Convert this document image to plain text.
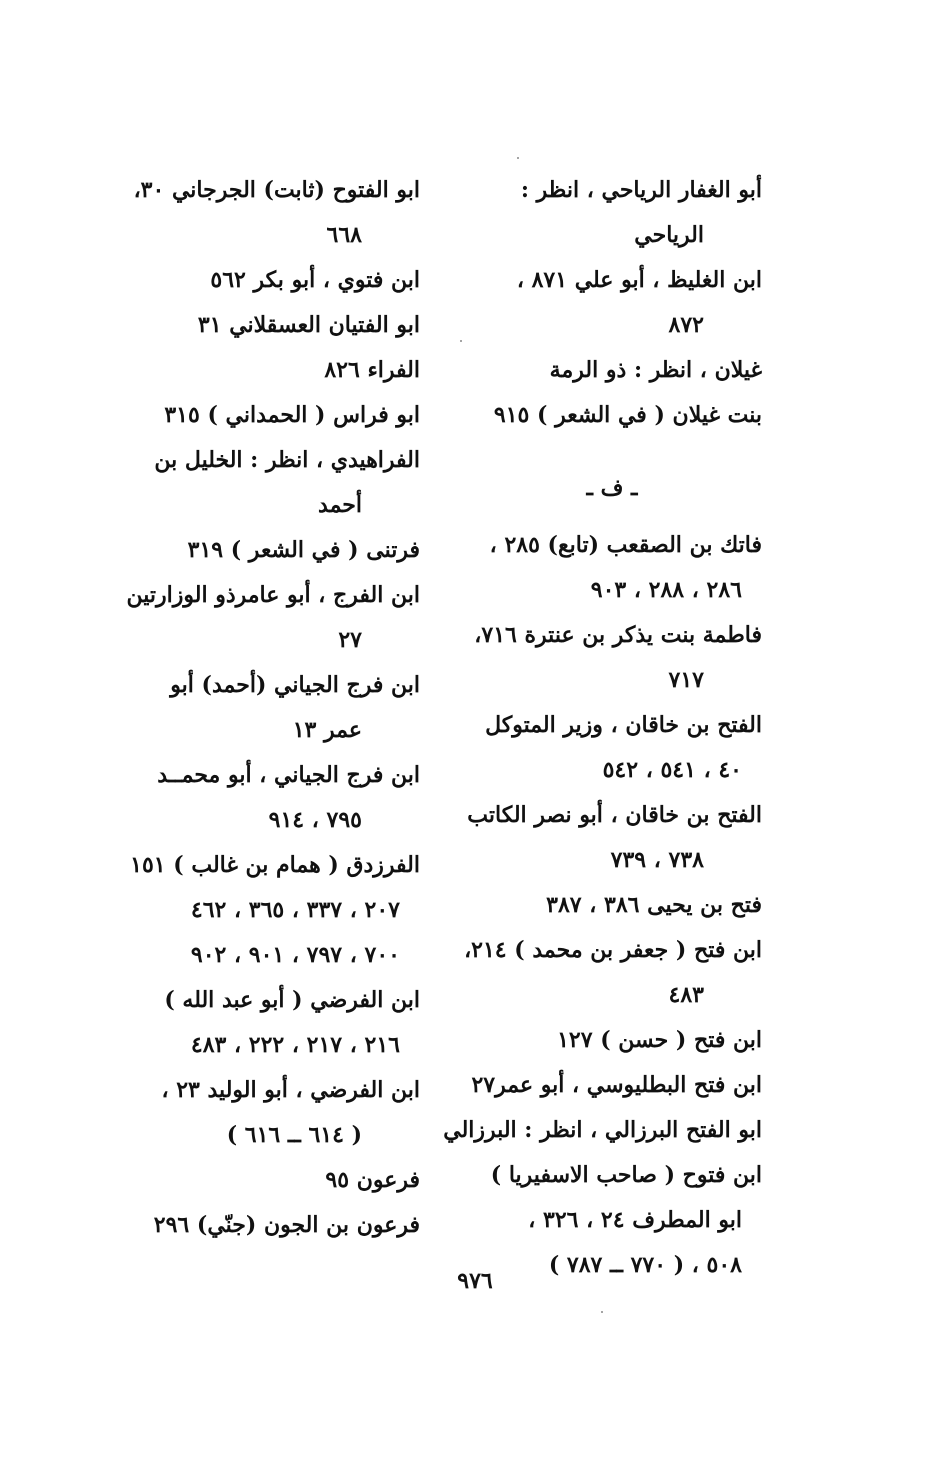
أبو الغفار الرياحي ، انظر :
الرياحي
ابن الغليظ ، أبو علي ٨٧١ ،
٨٧٢
غيلان ، انظر : ذو الرمة
بنت غيلان ( في الشعر ) ٩١٥
ـ ف ـ
فاتك بن الصقعب (تابع) ٢٨٥ ،
٢٨٦ ، ٢٨٨ ، ٩٠٣
فاطمة بنت يذكر بن عنترة ٧١٦،
٧١٧
الفتح بن خاقان ، وزير المتوكل
٤٠ ، ٥٤١ ، ٥٤٢
الفتح بن خاقان ، أبو نصر الكاتب
٧٣٨ ، ٧٣٩
فتح بن يحيى ٣٨٦ ، ٣٨٧
ابن فتح ( جعفر بن محمد ) ٢١٤،
٤٨٣
ابن فتح ( حسن ) ١٢٧
ابن فتح البطليوسي ، أبو عمر٢٧
ابو الفتح البرزالي ، انظر : البرزالي
ابن فتوح ( صاحب الاسفيريا )
ابو المطرف ٢٤ ، ٣٢٦ ،
٥٠٨ ، ( ٧٧٠ ــ ٧٨٧ )
ابو الفتوح (ثابت) الجرجاني ٣٠،
٦٦٨
ابن فتوي ، أبو بكر ٥٦٢
ابو الفتيان العسقلاني ٣١
الفراء ٨٢٦
ابو فراس ( الحمداني ) ٣١٥
الفراهيدي ، انظر : الخليل بن
أحمد
فرتنى ( في الشعر ) ٣١٩
ابن الفرج ، أبو عامرذو الوزارتين
٢٧
ابن فرج الجياني (أحمد) أبو
عمر ١٣
ابن فرج الجياني ، أبو محمــد
٧٩٥ ، ٩١٤
الفرزدق ( همام بن غالب ) ١٥١
٢٠٧ ، ٣٣٧ ، ٣٦٥ ، ٤٦٢
٧٠٠ ، ٧٩٧ ، ٩٠١ ، ٩٠٢
ابن الفرضي ( أبو عبد الله )
٢١٦ ، ٢١٧ ، ٢٢٢ ، ٤٨٣
ابن الفرضي ، أبو الوليد ٢٣ ،
( ٦١٤ ــ ٦١٦ )
فرعون ٩٥
فرعون بن الجون (جنّي) ٢٩٦
٩٧٦
